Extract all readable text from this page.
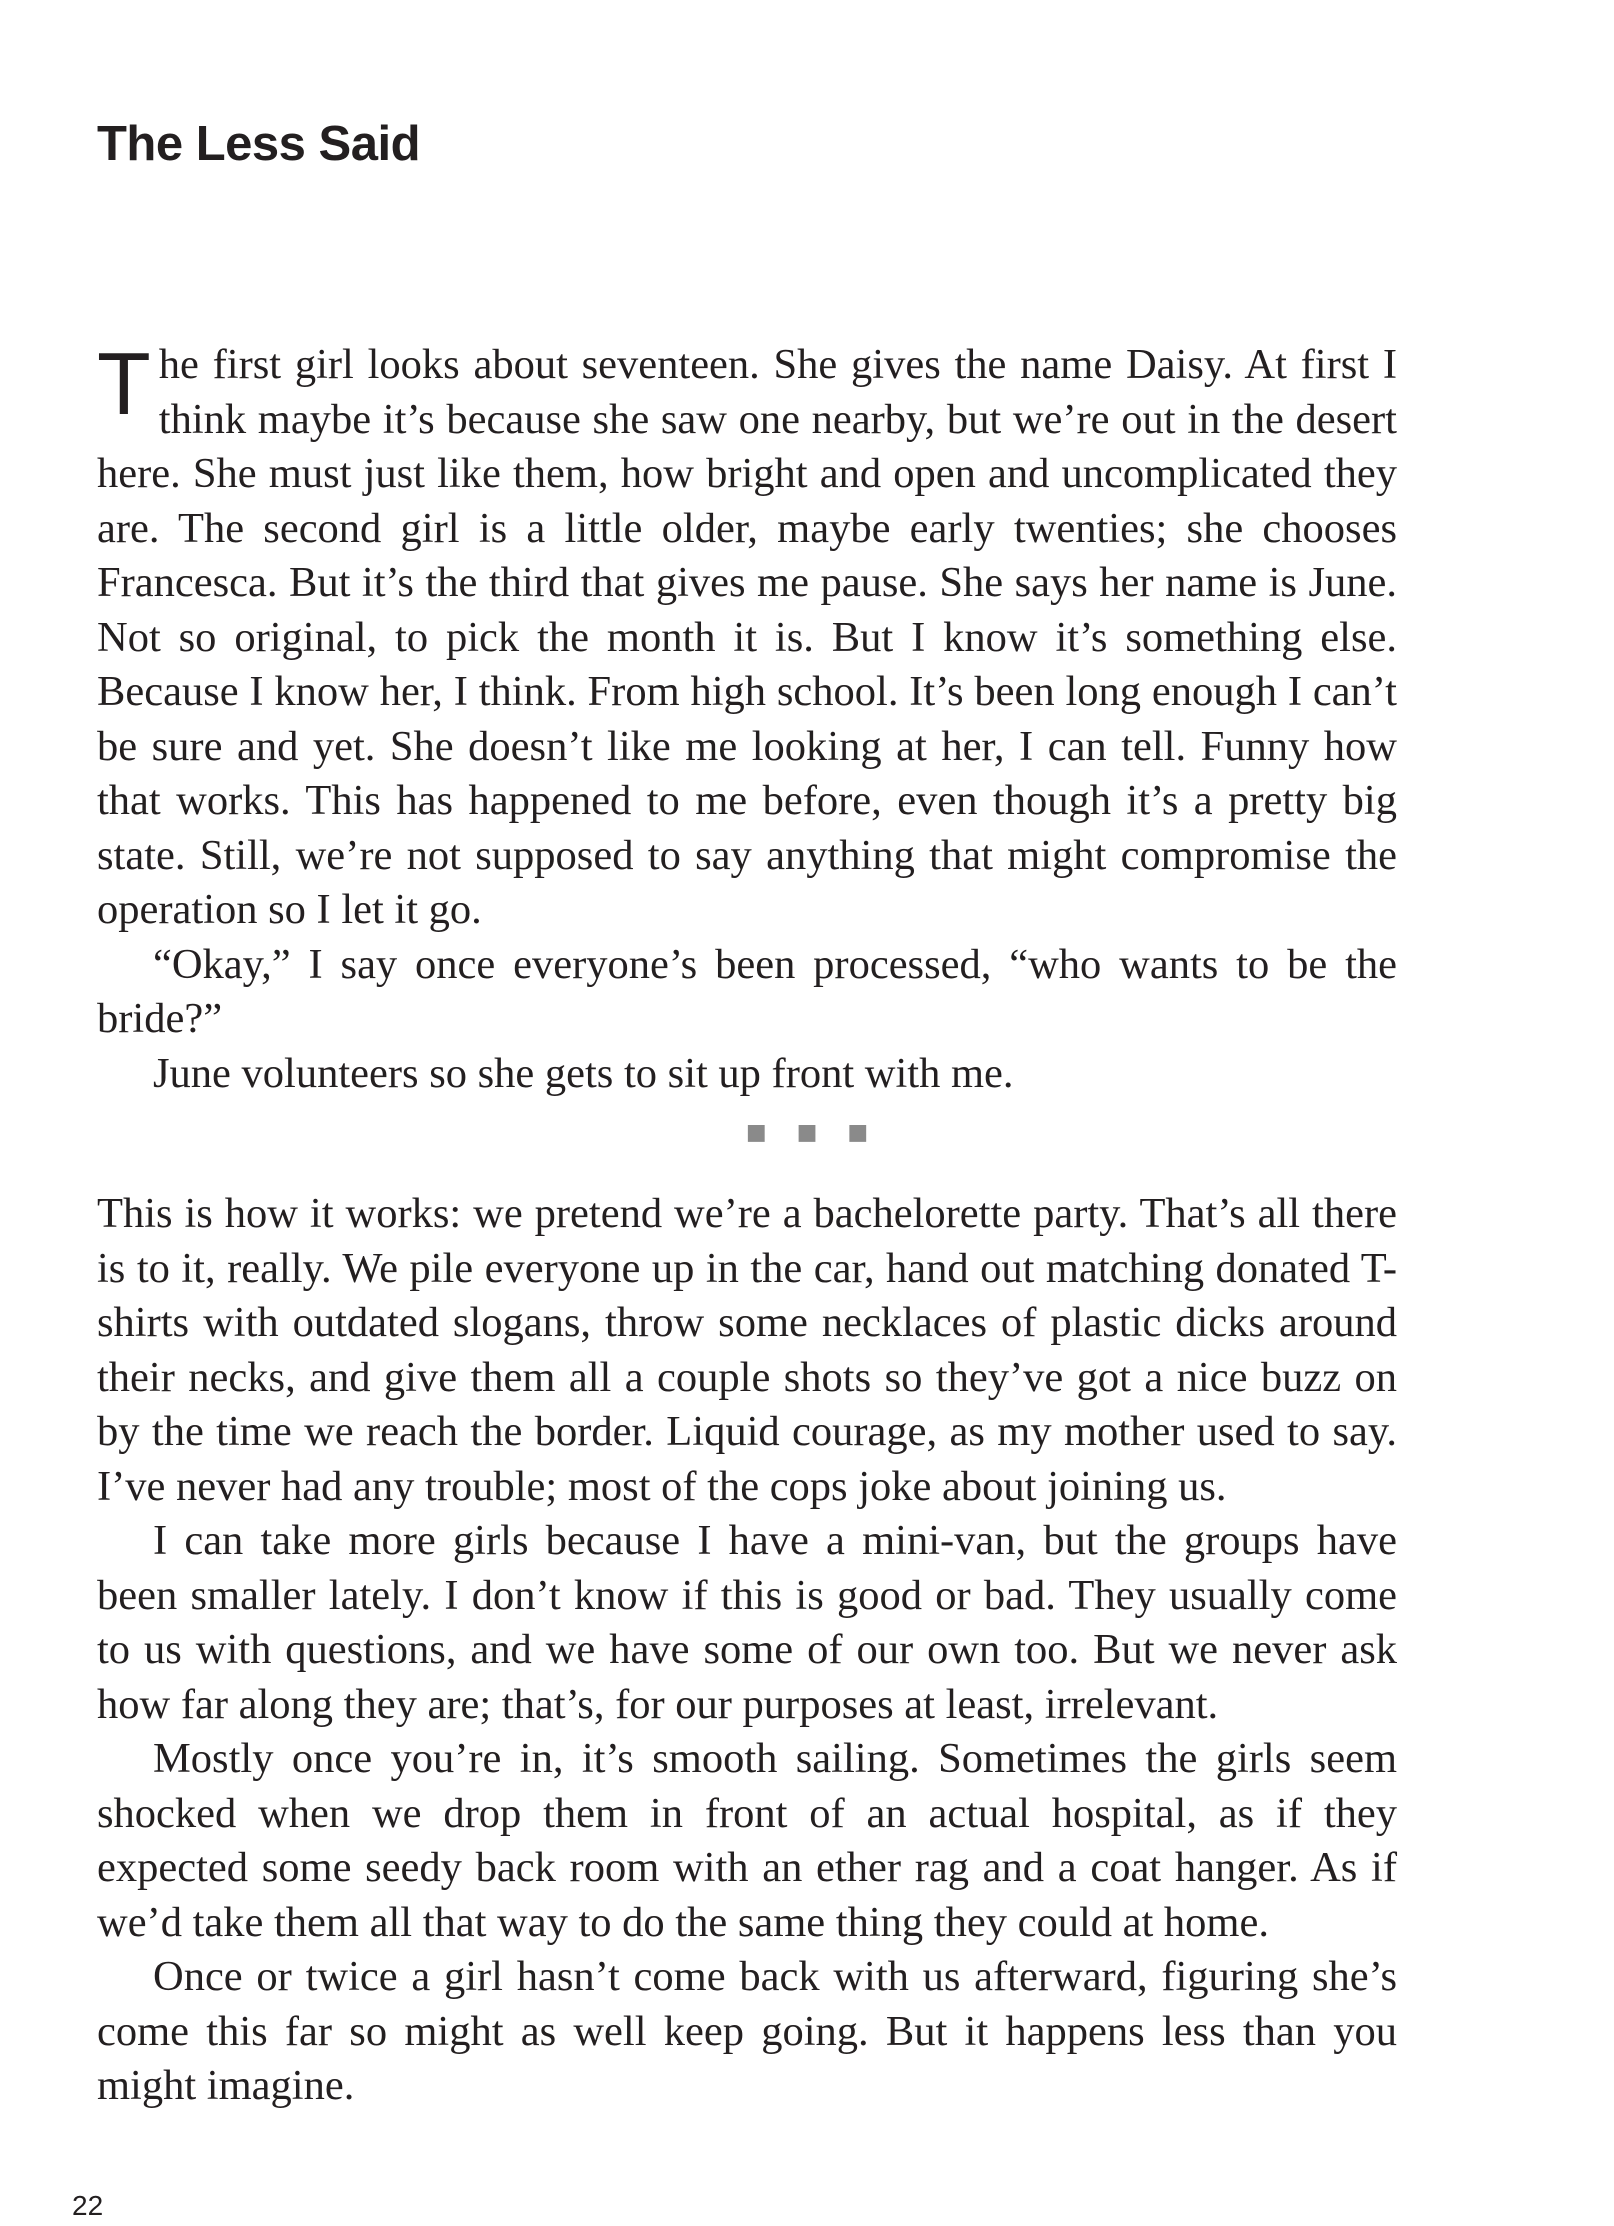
The Less Said

The first girl looks about seventeen. She gives the name Daisy. At first I think maybe it’s because she saw one nearby, but we’re out in the desert here. She must just like them, how bright and open and uncomplicated they are. The second girl is a little older, maybe early twenties; she chooses Francesca. But it’s the third that gives me pause. She says her name is June. Not so original, to pick the month it is. But I know it’s something else. Because I know her, I think. From high school. It’s been long enough I can’t be sure and yet. She doesn’t like me looking at her, I can tell. Funny how that works. This has happened to me before, even though it’s a pretty big state. Still, we’re not supposed to say anything that might compromise the operation so I let it go.

“Okay,” I say once everyone’s been processed, “who wants to be the bride?”

June volunteers so she gets to sit up front with me.

■■■

This is how it works: we pretend we’re a bachelorette party. That’s all there is to it, really. We pile everyone up in the car, hand out matching donated T-shirts with outdated slogans, throw some necklaces of plastic dicks around their necks, and give them all a couple shots so they’ve got a nice buzz on by the time we reach the border. Liquid courage, as my mother used to say. I’ve never had any trouble; most of the cops joke about joining us.

I can take more girls because I have a mini-van, but the groups have been smaller lately. I don’t know if this is good or bad. They usually come to us with questions, and we have some of our own too. But we never ask how far along they are; that’s, for our purposes at least, irrelevant.

Mostly once you’re in, it’s smooth sailing. Sometimes the girls seem shocked when we drop them in front of an actual hospital, as if they expected some seedy back room with an ether rag and a coat hanger. As if we’d take them all that way to do the same thing they could at home.

Once or twice a girl hasn’t come back with us afterward, figuring she’s come this far so might as well keep going. But it happens less than you might imagine.

22
